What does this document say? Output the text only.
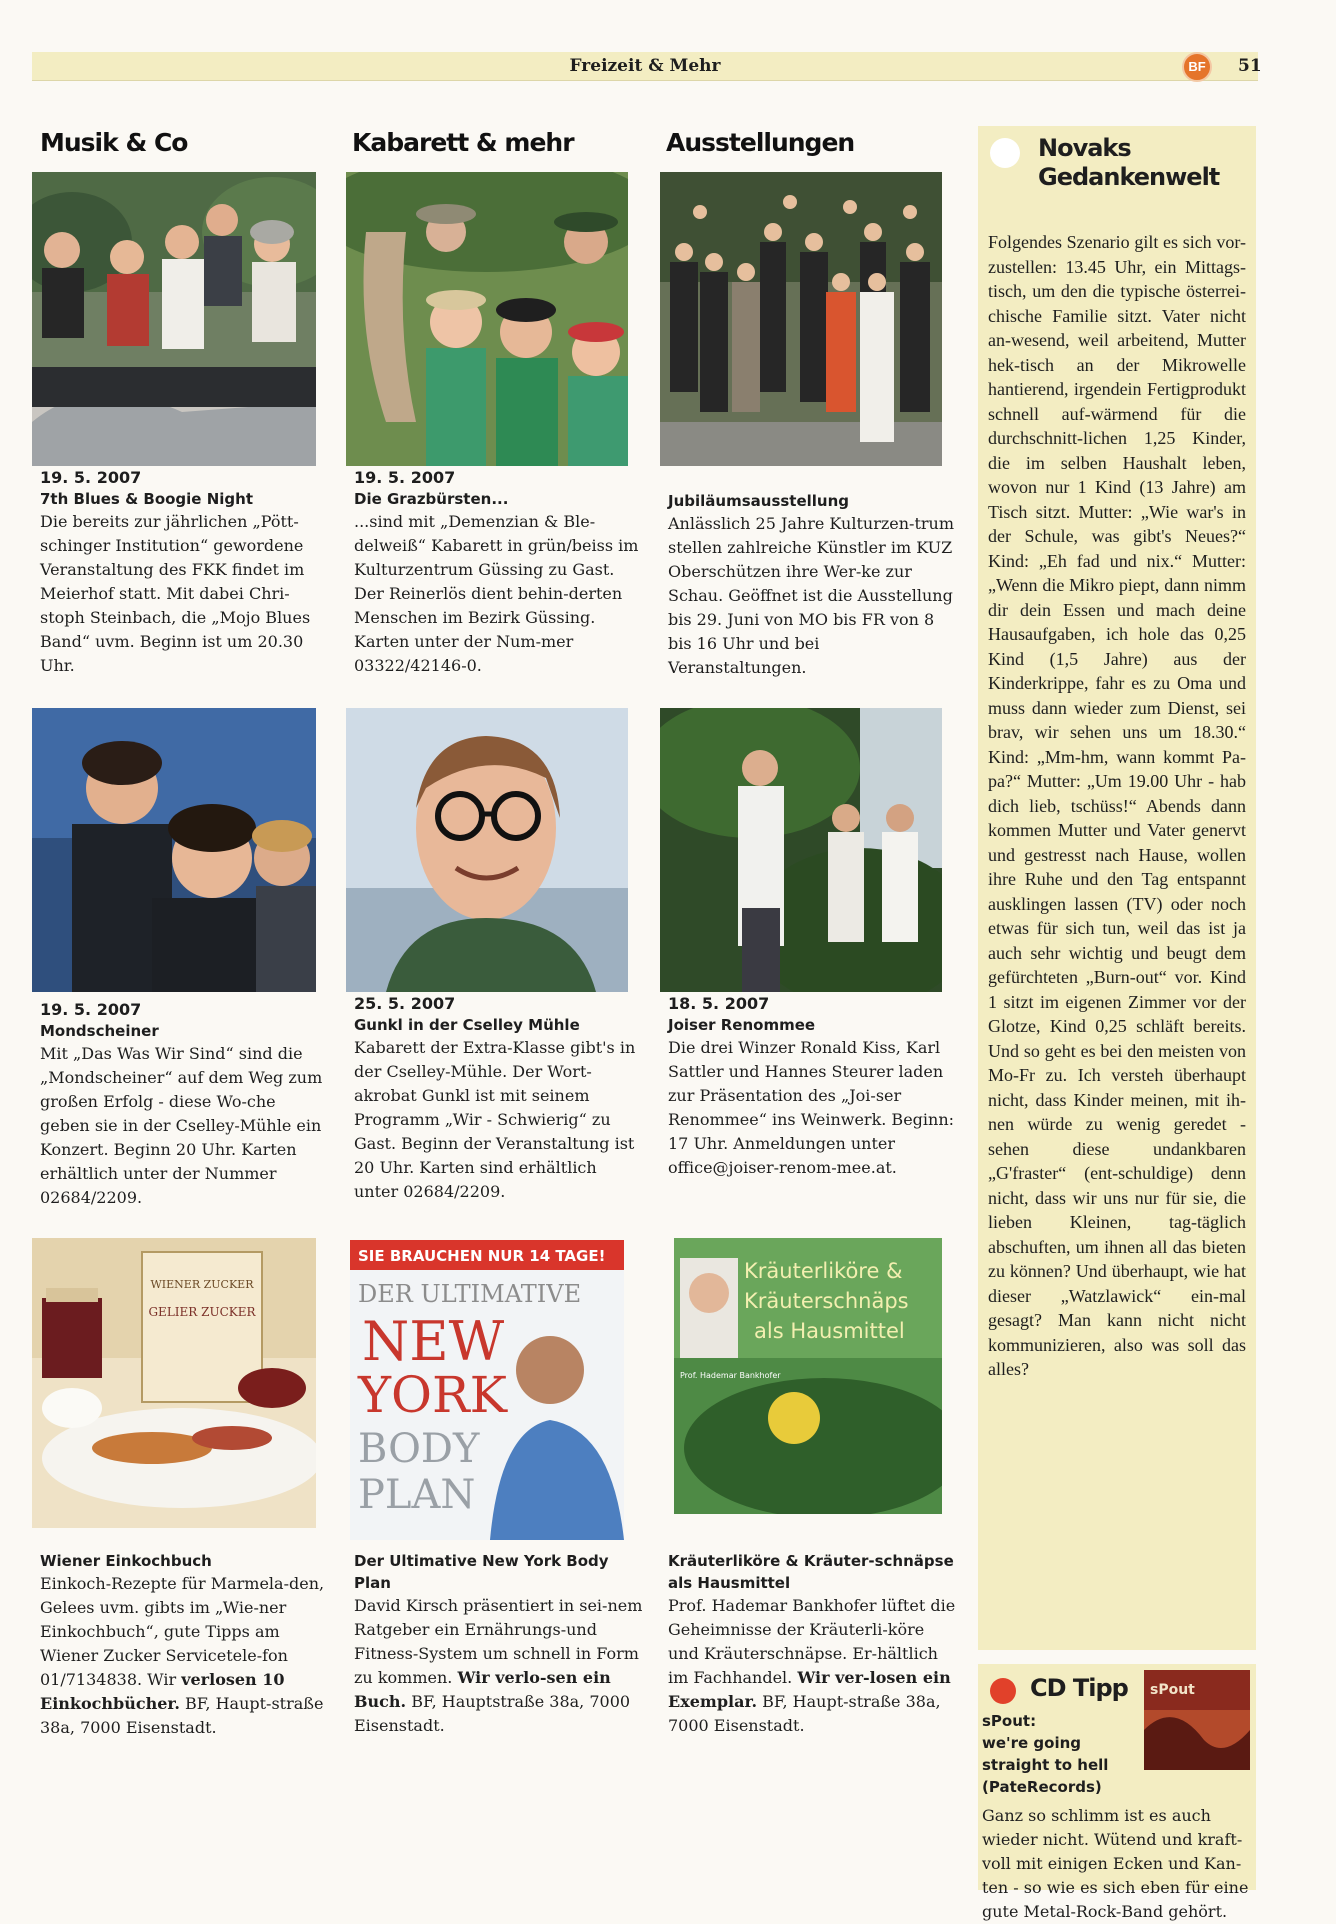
Freizeit & Mehr	BF	51
Musik & Co	Kabarett & mehr	Ausstellungen
19. 5. 2007
7th Blues & Boogie Night
Die bereits zur jährlichen „Pött-schinger Institution“ gewordene Veranstaltung des FKK findet im Meierhof statt. Mit dabei Chri-stoph Steinbach, die „Mojo Blues Band“ uvm. Beginn ist um 20.30 Uhr.
19. 5. 2007
Die Grazbürsten...
...sind mit „Demenzian & Ble-delweiß“ Kabarett in grün/beiss im Kulturzentrum Güssing zu Gast. Der Reinerlös dient behin-derten Menschen im Bezirk Güssing. Karten unter der Num-mer 03322/42146-0.
Jubiläumsausstellung
Anlässlich 25 Jahre Kulturzen-trum stellen zahlreiche Künstler im KUZ Oberschützen ihre Wer-ke zur Schau. Geöffnet ist die Ausstellung bis 29. Juni von MO bis FR von 8 bis 16 Uhr und bei Veranstaltungen.
19. 5. 2007
Mondscheiner
Mit „Das Was Wir Sind“ sind die „Mondscheiner“ auf dem Weg zum großen Erfolg - diese Wo-che geben sie in der Cselley-Mühle ein Konzert. Beginn 20 Uhr. Karten erhältlich unter der Nummer 02684/2209.
25. 5. 2007
Gunkl in der Cselley Mühle
Kabarett der Extra-Klasse gibt's in der Cselley-Mühle. Der Wort-akrobat Gunkl ist mit seinem Programm „Wir - Schwierig“ zu Gast. Beginn der Veranstaltung ist 20 Uhr. Karten sind erhältlich unter 02684/2209.
18. 5. 2007
Joiser Renommee
Die drei Winzer Ronald Kiss, Karl Sattler und Hannes Steurer laden zur Präsentation des „Joi-ser Renommee“ ins Weinwerk. Beginn: 17 Uhr. Anmeldungen unter office@joiser-renom-mee.at.
WIENER ZUCKER
GELIER ZUCKER
SIE BRAUCHEN NUR 14 TAGE!
DER ULTIMATIVE
NEW
YORK
BODY
PLAN
Prof. Hademar Bankhofer
Kräuterliköre &
Kräuterschnäps
als Hausmittel
Wiener Einkochbuch
Einkoch-Rezepte für Marmela-den, Gelees uvm. gibts im „Wie-ner Einkochbuch“, gute Tipps am Wiener Zucker Servicetele-fon 01/7134838. Wir verlosen 10 Einkochbücher. BF, Haupt-straße 38a, 7000 Eisenstadt.
Der Ultimative New York Body Plan
David Kirsch präsentiert in sei-nem Ratgeber ein Ernährungs-und Fitness-System um schnell in Form zu kommen. Wir verlo-sen ein Buch. BF, Hauptstraße 38a, 7000 Eisenstadt.
Kräuterliköre & Kräuter-schnäpse als Hausmittel
Prof. Hademar Bankhofer lüftet die Geheimnisse der Kräuterli-köre und Kräuterschnäpse. Er-hältlich im Fachhandel. Wir ver-losen ein Exemplar. BF, Haupt-straße 38a, 7000 Eisenstadt.
Novaks Gedankenwelt
Folgendes Szenario gilt es sich vor-zustellen: 13.45 Uhr, ein Mittags-tisch, um den die typische österrei-chische Familie sitzt. Vater nicht an-wesend, weil arbeitend, Mutter hek-tisch an der Mikrowelle hantierend, irgendein Fertigprodukt schnell auf-wärmend für die durchschnitt-lichen 1,25 Kinder, die im selben Haushalt leben, wovon nur 1 Kind (13 Jahre) am Tisch sitzt. Mutter: „Wie war's in der Schule, was gibt's Neues?“ Kind: „Eh fad und nix.“ Mutter: „Wenn die Mikro piept, dann nimm dir dein Essen und mach deine Hausaufgaben, ich hole das 0,25 Kind (1,5 Jahre) aus der Kinderkrippe, fahr es zu Oma und muss dann wieder zum Dienst, sei brav, wir sehen uns um 18.30.“ Kind: „Mm-hm, wann kommt Pa-pa?“ Mutter: „Um 19.00 Uhr - hab dich lieb, tschüss!“ Abends dann kommen Mutter und Vater genervt und gestresst nach Hause, wollen ihre Ruhe und den Tag entspannt ausklingen lassen (TV) oder noch etwas für sich tun, weil das ist ja auch sehr wichtig und beugt dem gefürchteten „Burn-out“ vor. Kind 1 sitzt im eigenen Zimmer vor der Glotze, Kind 0,25 schläft bereits. Und so geht es bei den meisten von Mo-Fr zu. Ich versteh überhaupt nicht, dass Kinder meinen, mit ih-nen würde zu wenig geredet - sehen diese undankbaren „G'fraster“ (ent-schuldige) denn nicht, dass wir uns nur für sie, die lieben Kleinen, tag-täglich abschuften, um ihnen all das bieten zu können? Und überhaupt, wie hat dieser „Watzlawick“ ein-mal gesagt? Man kann nicht nicht kommunizieren, also was soll das alles?
CD Tipp sPout
sPout:
we're going straight to hell
(PateRecords)
Ganz so schlimm ist es auch wieder nicht. Wütend und kraft-voll mit einigen Ecken und Kan-ten - so wie es sich eben für eine gute Metal-Rock-Band gehört.
